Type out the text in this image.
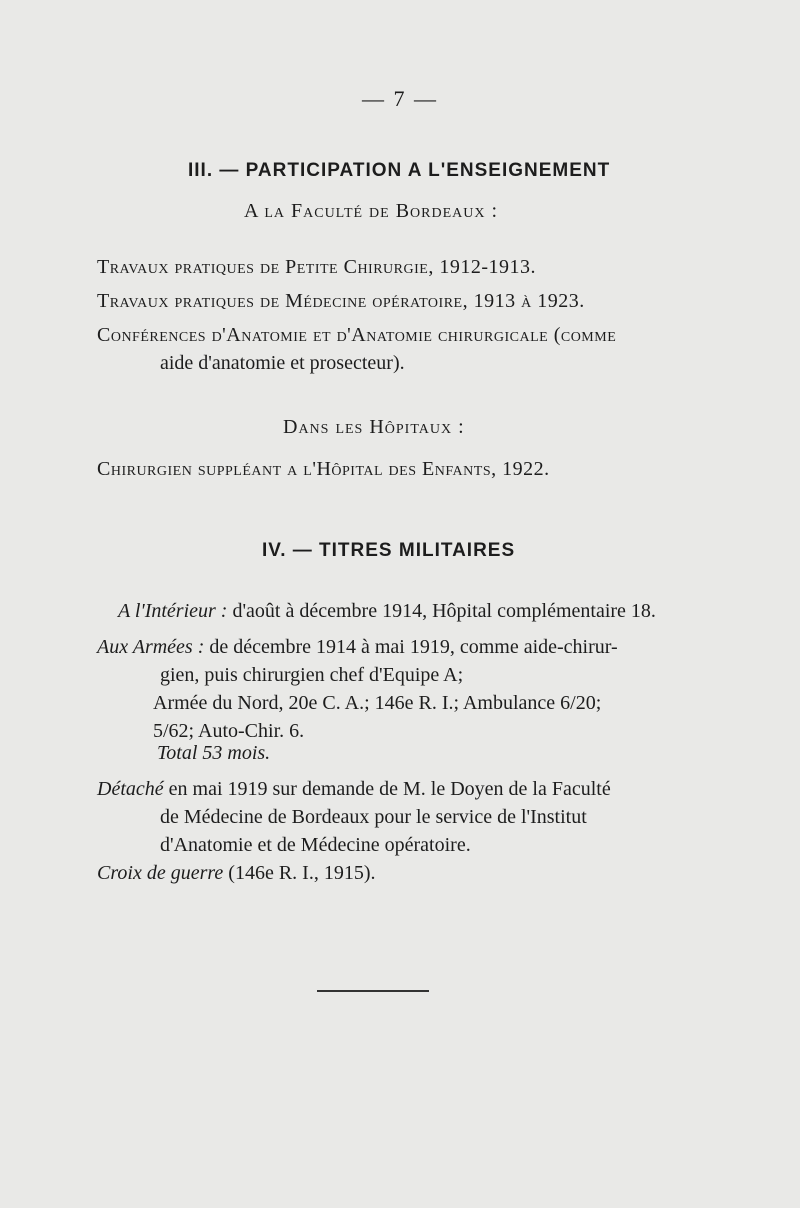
— 7 —
III. — PARTICIPATION A L'ENSEIGNEMENT
A la Faculté de Bordeaux :
Travaux pratiques de Petite Chirurgie, 1912-1913.
Travaux pratiques de Médecine opératoire, 1913 à 1923.
Conférences d'Anatomie et d'Anatomie chirurgicale (comme
aide d'anatomie et prosecteur).
Dans les Hôpitaux :
Chirurgien suppléant a l'Hôpital des Enfants, 1922.
IV. — TITRES MILITAIRES
A l'Intérieur : d'août à décembre 1914, Hôpital complémentaire 18.
Aux Armées : de décembre 1914 à mai 1919, comme aide-chirur-
gien, puis chirurgien chef d'Equipe A;
Armée du Nord, 20e C. A.; 146e R. I.; Ambulance 6/20;
5/62; Auto-Chir. 6.
Total 53 mois.
Détaché en mai 1919 sur demande de M. le Doyen de la Faculté
de Médecine de Bordeaux pour le service de l'Institut
d'Anatomie et de Médecine opératoire.
Croix de guerre (146e R. I., 1915).
